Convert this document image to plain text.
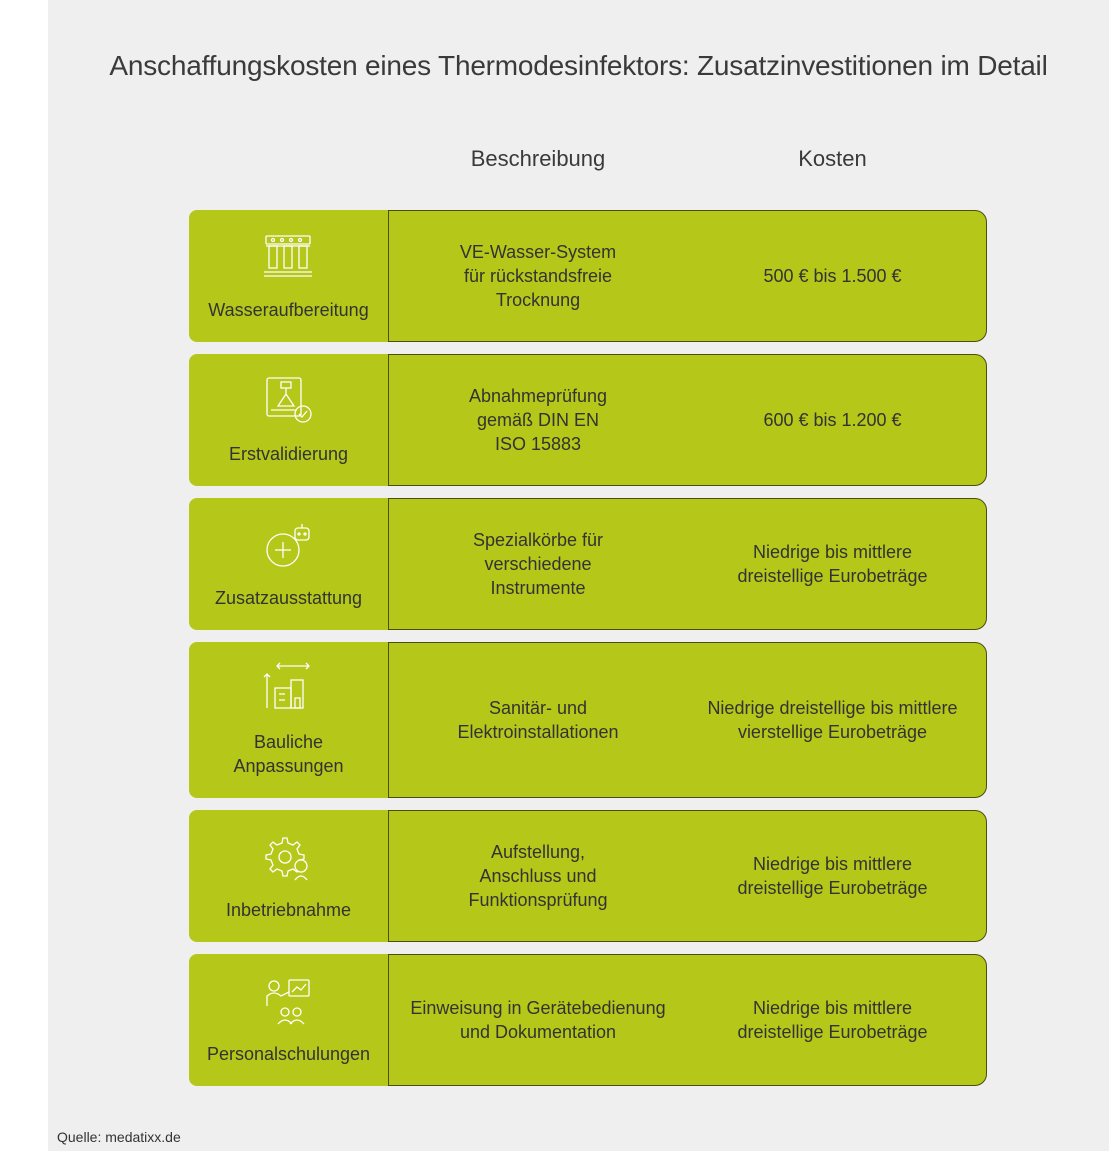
Anschaffungskosten eines Thermodesinfektors: Zusatzinvestitionen im Detail
Beschreibung	Kosten
Wasseraufbereitung
VE-Wasser-System
für rückstandsfreie
Trocknung
500 € bis 1.500 €
Erstvalidierung
Abnahmeprüfung
gemäß DIN EN
ISO 15883
600 € bis 1.200 €
Zusatzausstattung
Spezialkörbe für
verschiedene
Instrumente
Niedrige bis mittlere
dreistellige Eurobeträge
Bauliche
Anpassungen
Sanitär- und
Elektroinstallationen
Niedrige dreistellige bis mittlere
vierstellige Eurobeträge
Inbetriebnahme
Aufstellung,
Anschluss und
Funktionsprüfung
Niedrige bis mittlere
dreistellige Eurobeträge
Personalschulungen
Einweisung in Gerätebedienung
und Dokumentation
Niedrige bis mittlere
dreistellige Eurobeträge
Quelle: medatixx.de
